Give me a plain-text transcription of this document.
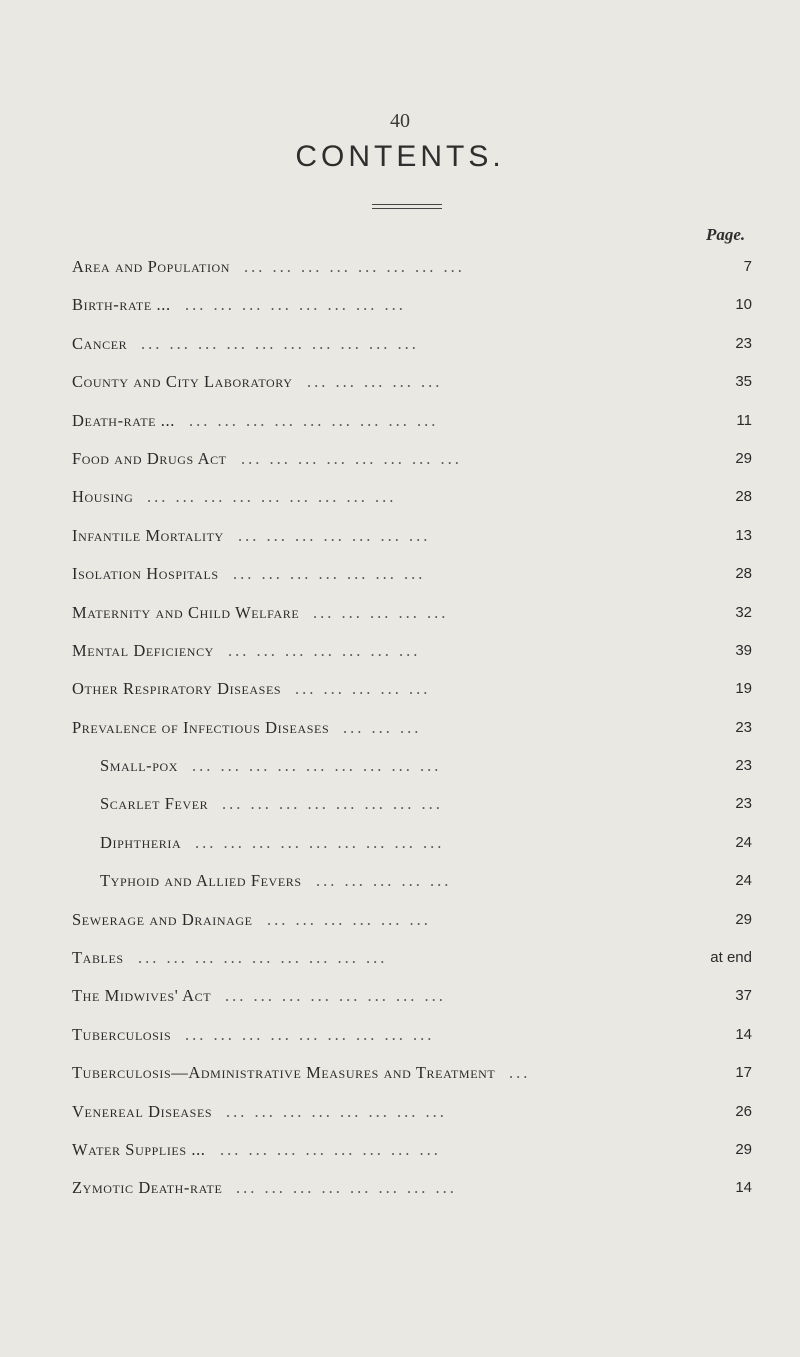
40
CONTENTS.
Page.
Area and Population ... ... ... ... ... ... ... ...	7
Birth-rate ... ... ... ... ... ... ... ... ...	10
Cancer ... ... ... ... ... ... ... ... ... ...	23
County and City Laboratory ... ... ... ... ...	35
Death-rate ... ... ... ... ... ... ... ... ... ...	11
Food and Drugs Act ... ... ... ... ... ... ... ...	29
Housing ... ... ... ... ... ... ... ... ...	28
Infantile Mortality ... ... ... ... ... ... ...	13
Isolation Hospitals ... ... ... ... ... ... ...	28
Maternity and Child Welfare ... ... ... ... ...	32
Mental Deficiency ... ... ... ... ... ... ...	39
Other Respiratory Diseases ... ... ... ... ...	19
Prevalence of Infectious Diseases ... ... ...	23
Small-pox ... ... ... ... ... ... ... ... ...	23
Scarlet Fever ... ... ... ... ... ... ... ...	23
Diphtheria ... ... ... ... ... ... ... ... ...	24
Typhoid and Allied Fevers ... ... ... ... ...	24
Sewerage and Drainage ... ... ... ... ... ...	29
Tables ... ... ... ... ... ... ... ... ...	at end
The Midwives' Act ... ... ... ... ... ... ... ...	37
Tuberculosis ... ... ... ... ... ... ... ... ...	14
Tuberculosis—Administrative Measures and Treatment ...	17
Venereal Diseases ... ... ... ... ... ... ... ...	26
Water Supplies ... ... ... ... ... ... ... ... ...	29
Zymotic Death-rate ... ... ... ... ... ... ... ...	14
